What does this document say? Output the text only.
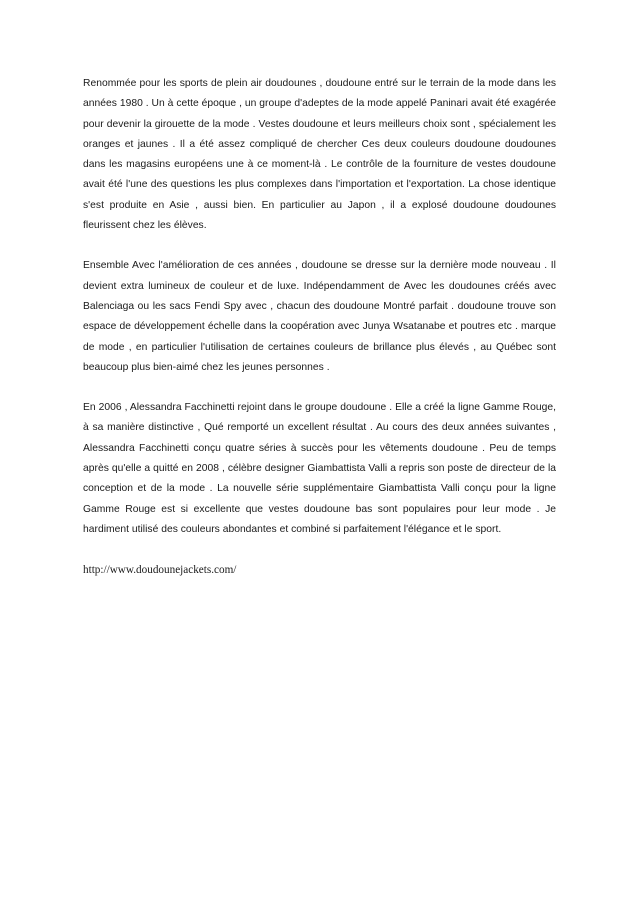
Renommée pour les sports de plein air doudounes , doudoune entré sur le terrain de la mode dans les années 1980 . Un à cette époque , un groupe d'adeptes de la mode appelé Paninari avait été exagérée pour devenir la girouette de la mode . Vestes doudoune et leurs meilleurs choix sont , spécialement les oranges et jaunes . Il a été assez compliqué de chercher Ces deux couleurs doudoune doudounes dans les magasins européens une à ce moment-là . Le contrôle de la fourniture de vestes doudoune avait été l'une des questions les plus complexes dans l'importation et l'exportation. La chose identique s'est produite en Asie , aussi bien. En particulier au Japon , il a explosé doudoune doudounes fleurissent chez les élèves.

Ensemble Avec l'amélioration de ces années , doudoune se dresse sur la dernière mode nouveau . Il devient extra lumineux de couleur et de luxe. Indépendamment de Avec les doudounes créés avec Balenciaga ou les sacs Fendi Spy avec , chacun des doudoune Montré parfait . doudoune trouve son espace de développement échelle dans la coopération avec Junya Wsatanabe et poutres etc . marque de mode , en particulier l'utilisation de certaines couleurs de brillance plus élevés , au Québec sont beaucoup plus bien-aimé chez les jeunes personnes .

En 2006 , Alessandra Facchinetti rejoint dans le groupe doudoune . Elle a créé la ligne Gamme Rouge, à sa manière distinctive , Qué remporté un excellent résultat . Au cours des deux années suivantes , Alessandra Facchinetti conçu quatre séries à succès pour les vêtements doudoune . Peu de temps après qu'elle a quitté en 2008 , célèbre designer Giambattista Valli a repris son poste de directeur de la conception et de la mode . La nouvelle série supplémentaire Giambattista Valli conçu pour la ligne Gamme Rouge est si excellente que vestes doudoune bas sont populaires pour leur mode . Je hardiment utilisé des couleurs abondantes et combiné si parfaitement l'élégance et le sport.

http://www.doudounejackets.com/
